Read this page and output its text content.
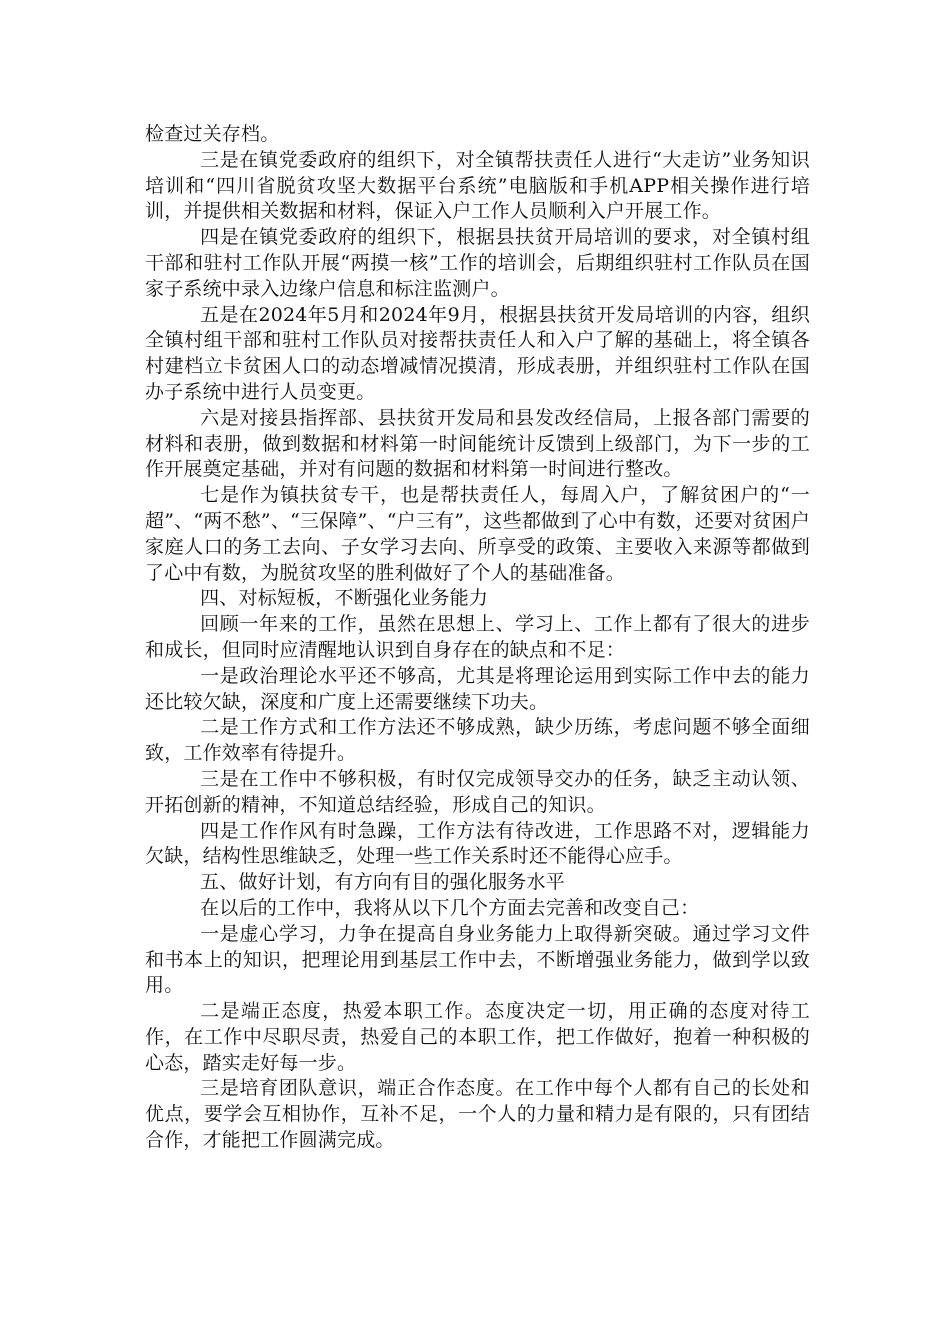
检查过关存档。

三是在镇党委政府的组织下，对全镇帮扶责任人进行“大走访”业务知识培训和“四川省脱贫攻坚大数据平台系统”电脑版和手机APP相关操作进行培训，并提供相关数据和材料，保证入户工作人员顺利入户开展工作。

四是在镇党委政府的组织下，根据县扶贫开局培训的要求，对全镇村组干部和驻村工作队开展“两摸一核”工作的培训会，后期组织驻村工作队员在国家子系统中录入边缘户信息和标注监测户。

五是在2024年5月和2024年9月，根据县扶贫开发局培训的内容，组织全镇村组干部和驻村工作队员对接帮扶责任人和入户了解的基础上，将全镇各村建档立卡贫困人口的动态增减情况摸清，形成表册，并组织驻村工作队在国办子系统中进行人员变更。

六是对接县指挥部、县扶贫开发局和县发改经信局，上报各部门需要的材料和表册，做到数据和材料第一时间能统计反馈到上级部门，为下一步的工作开展奠定基础，并对有问题的数据和材料第一时间进行整改。

七是作为镇扶贫专干，也是帮扶责任人，每周入户，了解贫困户的“一超”、“两不愁”、“三保障”、“户三有”，这些都做到了心中有数，还要对贫困户家庭人口的务工去向、子女学习去向、所享受的政策、主要收入来源等都做到了心中有数，为脱贫攻坚的胜利做好了个人的基础准备。

四、对标短板，不断强化业务能力

回顾一年来的工作，虽然在思想上、学习上、工作上都有了很大的进步和成长，但同时应清醒地认识到自身存在的缺点和不足：

一是政治理论水平还不够高，尤其是将理论运用到实际工作中去的能力还比较欠缺，深度和广度上还需要继续下功夫。

二是工作方式和工作方法还不够成熟，缺少历练，考虑问题不够全面细致，工作效率有待提升。

三是在工作中不够积极，有时仅完成领导交办的任务，缺乏主动认领、开拓创新的精神，不知道总结经验，形成自己的知识。

四是工作作风有时急躁，工作方法有待改进，工作思路不对，逻辑能力欠缺，结构性思维缺乏，处理一些工作关系时还不能得心应手。

五、做好计划，有方向有目的强化服务水平

在以后的工作中，我将从以下几个方面去完善和改变自己：

一是虚心学习，力争在提高自身业务能力上取得新突破。通过学习文件和书本上的知识，把理论用到基层工作中去，不断增强业务能力，做到学以致用。

二是端正态度，热爱本职工作。态度决定一切，用正确的态度对待工作，在工作中尽职尽责，热爱自己的本职工作，把工作做好，抱着一种积极的心态，踏实走好每一步。

三是培育团队意识，端正合作态度。在工作中每个人都有自己的长处和优点，要学会互相协作，互补不足，一个人的力量和精力是有限的，只有团结合作，才能把工作圆满完成。
